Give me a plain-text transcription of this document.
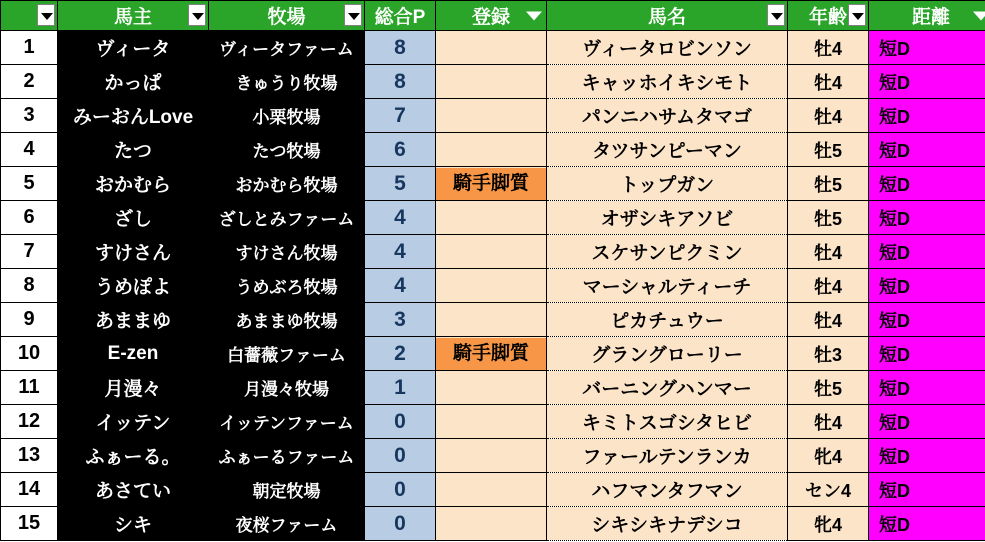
	馬主	牧場	総合P	登録	馬名	年齢	距離

1	ヴィータ	ヴィータファーム	8		ヴィータロビンソン	牡4	短D
2	かっぱ	きゅうり牧場	8		キャッホイキシモト	牡4	短D
3	みーおんLove	小栗牧場	7		パンニハサムタマゴ	牡4	短D
4	たつ	たつ牧場	6		タツサンピーマン	牡5	短D
5	おかむら	おかむら牧場	5	騎手脚質	トップガン	牡5	短D
6	ざし	ざしとみファーム	4		オザシキアソビ	牡5	短D
7	すけさん	すけさん牧場	4		スケサンピクミン	牡4	短D
8	うめぽよ	うめぶろ牧場	4		マーシャルティーチ	牡4	短D
9	あままゆ	あままゆ牧場	3		ピカチュウー	牡4	短D
10	E-zen	白薔薇ファーム	2	騎手脚質	グラングローリー	牡3	短D
11	月漫々	月漫々牧場	1		バーニングハンマー	牡5	短D
12	イッテン	イッテンファーム	0		キミトスゴシタヒビ	牡4	短D
13	ふぁーる。	ふぁーるファーム	0		ファールテンランカ	牝4	短D
14	あさてい	朝定牧場	0		ハフマンタフマン	セン4	短D
15	シキ	夜桜ファーム	0		シキシキナデシコ	牝4	短D
